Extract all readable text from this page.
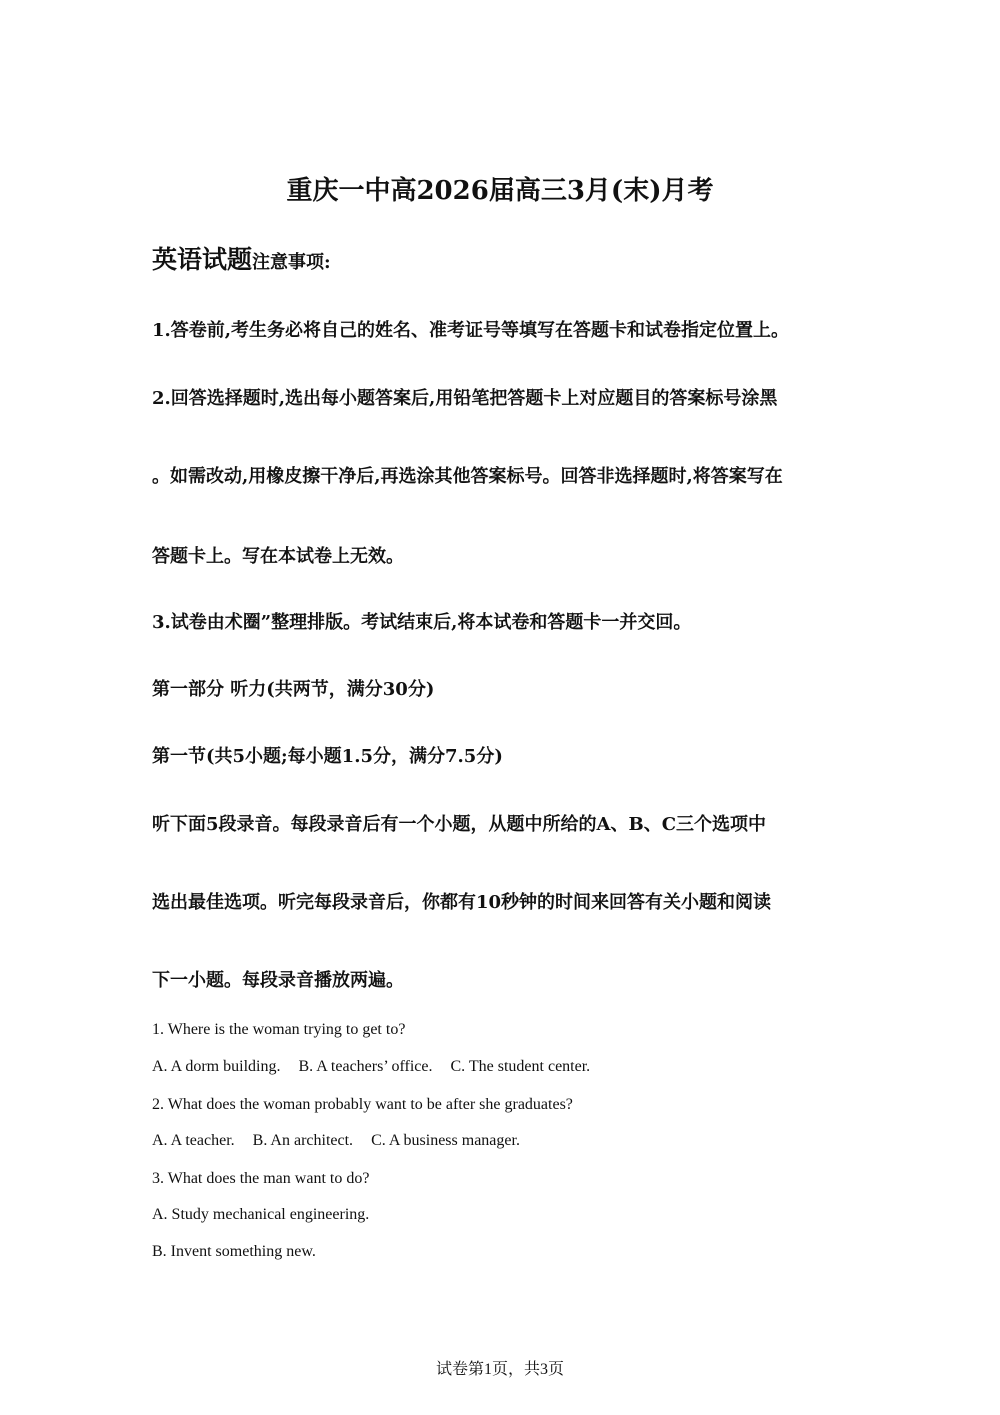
重庆一中高2026届高三3月(末)月考
英语试题注意事项:
1.答卷前,考生务必将自己的姓名、准考证号等填写在答题卡和试卷指定位置上。
2.回答选择题时,选出每小题答案后,用铅笔把答题卡上对应题目的答案标号涂黑
。如需改动,用橡皮擦干净后,再选涂其他答案标号。回答非选择题时,将答案写在
答题卡上。写在本试卷上无效。
3.试卷由术圈”整理排版。考试结束后,将本试卷和答题卡一并交回。
第一部分 听力(共两节，满分30分)
第一节(共5小题;每小题1.5分，满分7.5分)
听下面5段录音。每段录音后有一个小题，从题中所给的A、B、C三个选项中
选出最佳选项。听完每段录音后，你都有10秒钟的时间来回答有关小题和阅读
下一小题。每段录音播放两遍。
1. Where is the woman trying to get to?
A. A dorm building. B. A teachers’ office. C. The student center.
2. What does the woman probably want to be after she graduates?
A. A teacher. B. An architect. C. A business manager.
3. What does the man want to do?
A. Study mechanical engineering.
B. Invent something new.
试卷第1页，共3页
